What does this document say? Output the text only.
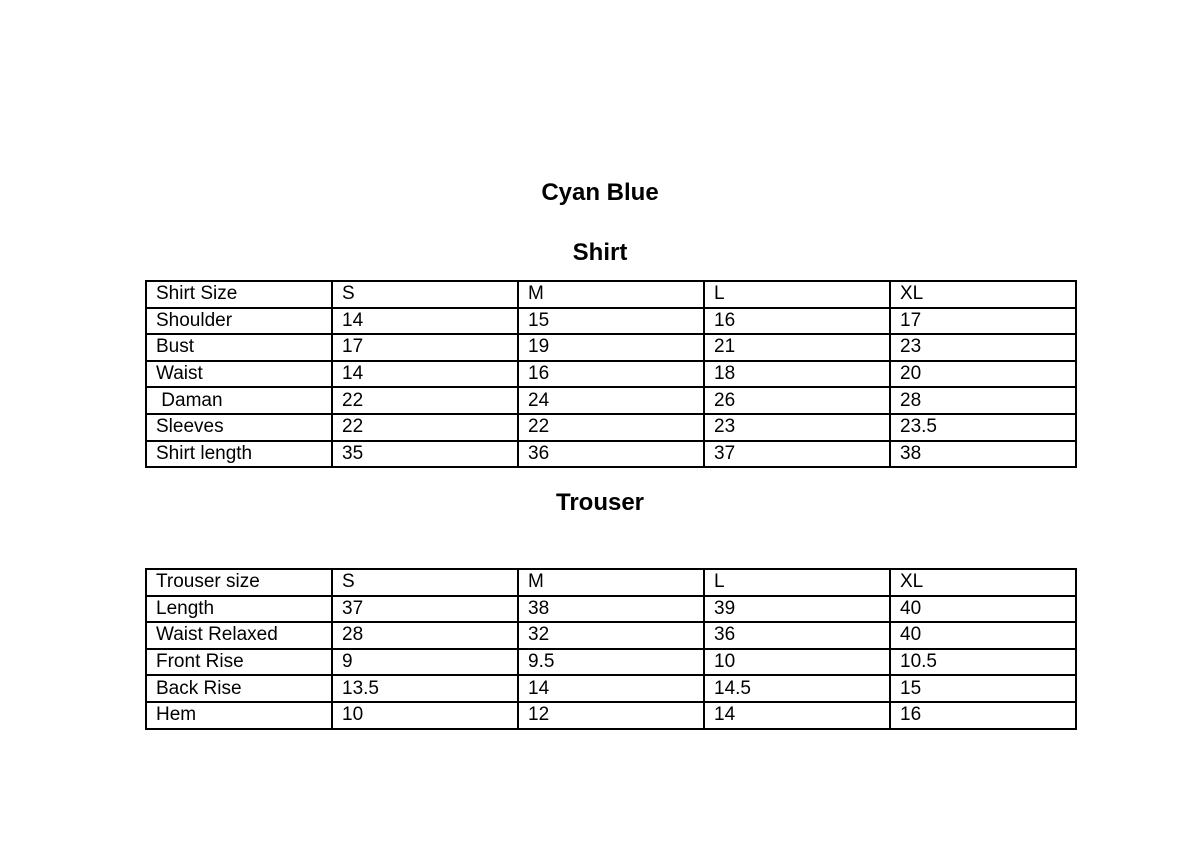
Cyan Blue
Shirt
Shirt Size	S	M	L	XL
Shoulder	14	15	16	17
Bust	17	19	21	23
Waist	14	16	18	20
Daman	22	24	26	28
Sleeves	22	22	23	23.5
Shirt length	35	36	37	38
Trouser
Trouser size	S	M	L	XL
Length	37	38	39	40
Waist Relaxed	28	32	36	40
Front Rise	9	9.5	10	10.5
Back Rise	13.5	14	14.5	15
Hem	10	12	14	16
